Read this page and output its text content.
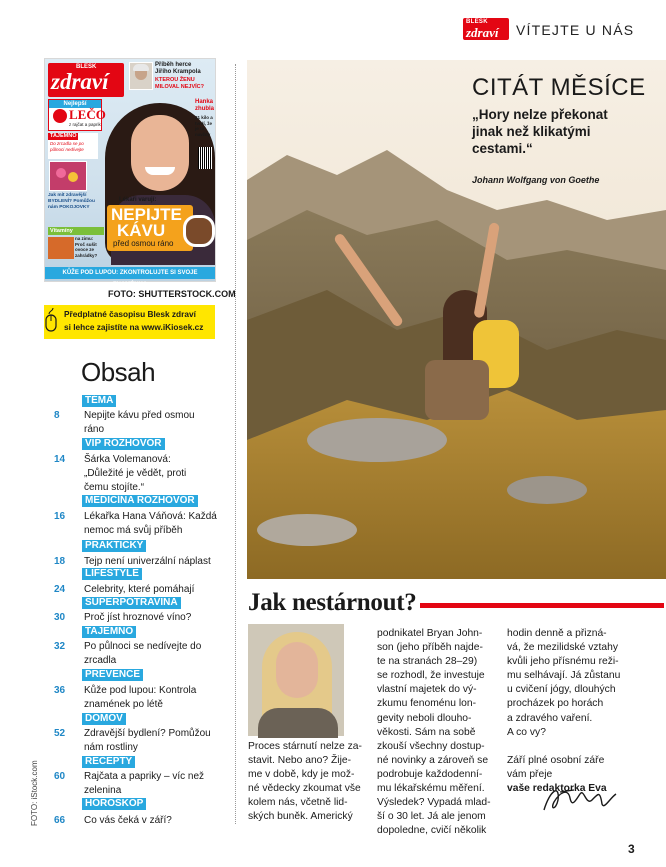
BLESK
zdraví VÍTEJTE U NÁS
BLESK
zdraví
Příběh herce
Jiřího Krampola
KTEROU ŽENU MILOVAL NEJVÍC?
Nejlepší
LEČO
z rajčat a paprik
TAJEMNO
Do zrcadla se po půlnoci nedívejte
Jak mít zdravější BYDLENÍ? Pomůžou nám POKOJOVKY
Hanka zhubla
21 kilo a tvrdí, že je to navždy
Lékaři varují:
NEPIJTE
KÁVU
před osmou ráno
Vitamíny
na zimu: Proč sušit ovoce ze zahrádky?
KŮŽE POD LUPOU: ZKONTROLUJTE SI SVOJE ZNAMÉNKA
FOTO: SHUTTERSTOCK.COM
Předplatné časopisu Blesk zdraví
si lehce zajistíte na www.iKiosek.cz
Obsah
TÉMA
8 Nepijte kávu před osmou
ráno
VIP ROZHOVOR
14 Šárka Volemanová:
„Důležité je vědět, proti
čemu stojíte.“
MEDICÍNA ROZHOVOR
16 Lékařka Hana Váňová: Každá
nemoc má svůj příběh
PRAKTICKY
18 Tejp není univerzální náplast
LIFESTYLE
24 Celebrity, které pomáhají
SUPERPOTRAVINA
30 Proč jíst hroznové víno?
TAJEMNO
32 Po půlnoci se nedívejte do
zrcadla
PREVENCE
36 Kůže pod lupou: Kontrola
znamének po létě
DOMOV
52 Zdravější bydlení? Pomůžou
nám rostliny
RECEPTY
60 Rajčata a papriky – víc než
zelenina
HOROSKOP
66 Co vás čeká v září?
FOTO: iStock.com
CITÁT MĚSÍCE
„Hory nelze překonat
jinak než klikatými
cestami.“
Johann Wolfgang von Goethe
Jak nestárnout?
Proces stárnutí nelze za-
stavit. Nebo ano? Žije-
me v době, kdy je mož-
né vědecky zkoumat vše
kolem nás, včetně lid-
ských buněk. Americký
podnikatel Bryan John-
son (jeho příběh najde-
te na stranách 28–29)
se rozhodl, že investuje
vlastní majetek do vý-
zkumu fenoménu lon-
gevity neboli dlouho-
věkosti. Sám na sobě
zkouší všechny dostup-
né novinky a zároveň se
podrobuje každodenní-
mu lékařskému měření.
Výsledek? Vypadá mlad-
ší o 30 let. Já ale jenom
dopoledne, cvičí několik
hodin denně a přizná-
vá, že mezilidské vztahy
kvůli jeho přísnému reži-
mu selhávají. Já zůstanu
u cvičení jógy, dlouhých
procházek po horách
a zdravého vaření.
A co vy?
Září plné osobní záře
vám přeje
vaše redaktorka Eva
3
